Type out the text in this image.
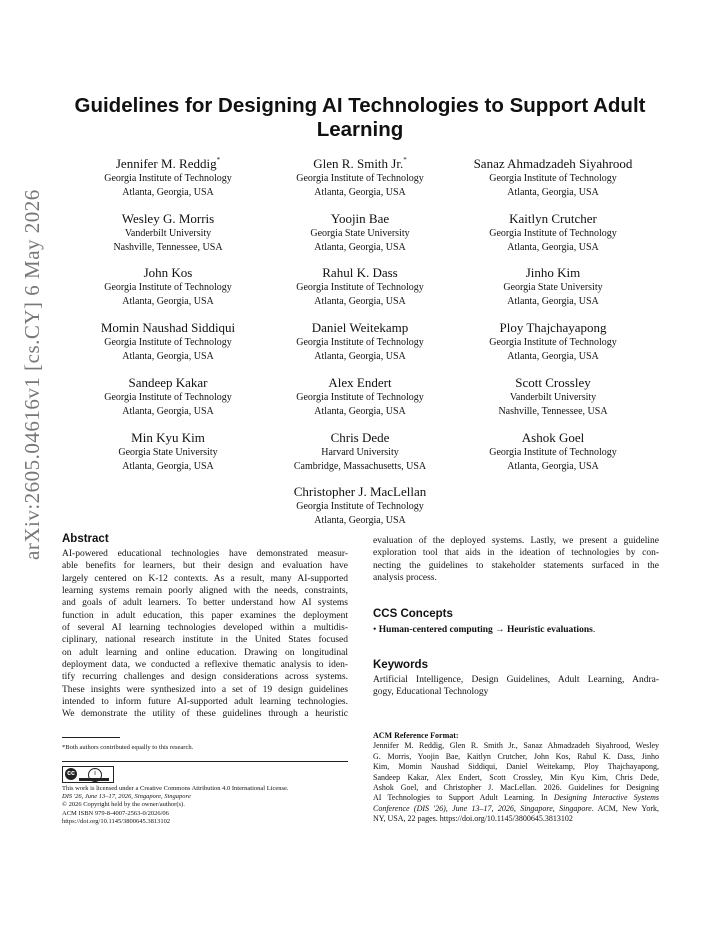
arXiv:2605.04616v1 [cs.CY] 6 May 2026
Guidelines for Designing AI Technologies to Support Adult
Learning
Jennifer M. Reddig*
Georgia Institute of Technology
Atlanta, Georgia, USA
Glen R. Smith Jr.*
Georgia Institute of Technology
Atlanta, Georgia, USA
Sanaz Ahmadzadeh Siyahrood
Georgia Institute of Technology
Atlanta, Georgia, USA
Wesley G. Morris
Vanderbilt University
Nashville, Tennessee, USA
Yoojin Bae
Georgia State University
Atlanta, Georgia, USA
Kaitlyn Crutcher
Georgia Institute of Technology
Atlanta, Georgia, USA
John Kos
Georgia Institute of Technology
Atlanta, Georgia, USA
Rahul K. Dass
Georgia Institute of Technology
Atlanta, Georgia, USA
Jinho Kim
Georgia State University
Atlanta, Georgia, USA
Momin Naushad Siddiqui
Georgia Institute of Technology
Atlanta, Georgia, USA
Daniel Weitekamp
Georgia Institute of Technology
Atlanta, Georgia, USA
Ploy Thajchayapong
Georgia Institute of Technology
Atlanta, Georgia, USA
Sandeep Kakar
Georgia Institute of Technology
Atlanta, Georgia, USA
Alex Endert
Georgia Institute of Technology
Atlanta, Georgia, USA
Scott Crossley
Vanderbilt University
Nashville, Tennessee, USA
Min Kyu Kim
Georgia State University
Atlanta, Georgia, USA
Chris Dede
Harvard University
Cambridge, Massachusetts, USA
Ashok Goel
Georgia Institute of Technology
Atlanta, Georgia, USA
Christopher J. MacLellan
Georgia Institute of Technology
Atlanta, Georgia, USA
Abstract
AI-powered educational technologies have demonstrated measur-
able benefits for learners, but their design and evaluation have
largely centered on K-12 contexts. As a result, many AI-supported
learning systems remain poorly aligned with the needs, constraints,
and goals of adult learners. To better understand how AI systems
function in adult education, this paper examines the deployment
of several AI learning technologies developed within a multidis-
ciplinary, national research institute in the United States focused
on adult learning and online education. Drawing on longitudinal
deployment data, we conducted a reflexive thematic analysis to iden-
tify recurring challenges and design considerations across systems.
These insights were synthesized into a set of 19 design guidelines
intended to inform future AI-supported adult learning technologies.
We demonstrate the utility of these guidelines through a heuristic

*Both authors contributed equally to this research.

cc	i

This work is licensed under a Creative Commons Attribution 4.0 International License.

DIS '26, June 13–17, 2026, Singapore, Singapore

© 2026 Copyright held by the owner/author(s).

ACM ISBN 979-8-4007-2563-0/2026/06

https://doi.org/10.1145/3800645.3813102

evaluation of the deployed systems. Lastly, we present a guideline
exploration tool that aids in the ideation of technologies by con-
necting the guidelines to stakeholder statements surfaced in the
analysis process.
CCS Concepts

• Human-centered computing → Heuristic evaluations.

Keywords
Artificial Intelligence, Design Guidelines, Adult Learning, Andra-
gogy, Educational Technology

ACM Reference Format:

Jennifer M. Reddig, Glen R. Smith Jr., Sanaz Ahmadzadeh Siyahrood, Wesley
G. Morris, Yoojin Bae, Kaitlyn Crutcher, John Kos, Rahul K. Dass, Jinho
Kim, Momin Naushad Siddiqui, Daniel Weitekamp, Ploy Thajchayapong,
Sandeep Kakar, Alex Endert, Scott Crossley, Min Kyu Kim, Chris Dede,
Ashok Goel, and Christopher J. MacLellan. 2026. Guidelines for Designing
AI Technologies to Support Adult Learning. In Designing Interactive Systems
Conference (DIS '26), June 13–17, 2026, Singapore, Singapore. ACM, New York,
NY, USA, 22 pages. https://doi.org/10.1145/3800645.3813102
